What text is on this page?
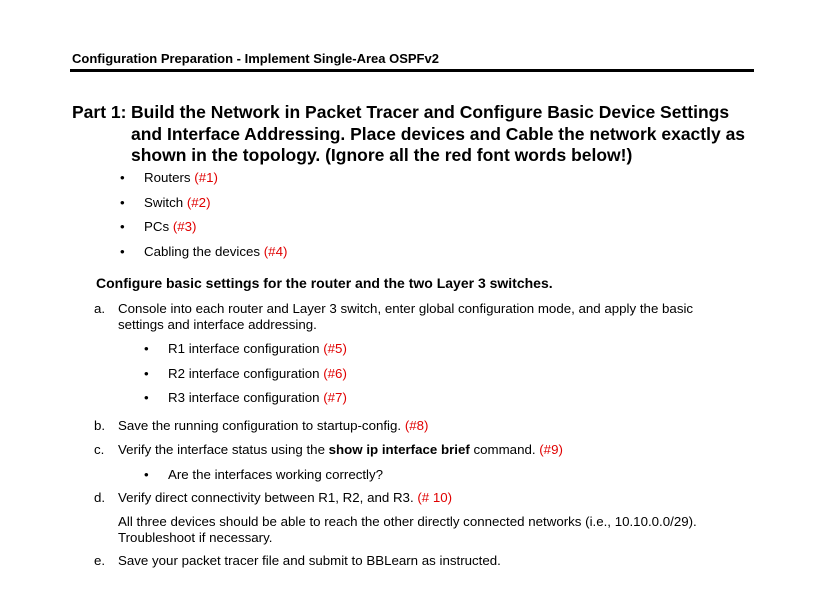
Configuration Preparation - Implement Single-Area OSPFv2
Part 1: Build the Network in Packet Tracer and Configure Basic Device Settings and Interface Addressing. Place devices and Cable the network exactly as shown in the topology. (Ignore all the red font words below!)
• Routers (#1)
• Switch (#2)
• PCs (#3)
• Cabling the devices (#4)
Configure basic settings for the router and the two Layer 3 switches.
a. Console into each router and Layer 3 switch, enter global configuration mode, and apply the basic settings and interface addressing.
• R1 interface configuration (#5)
• R2 interface configuration (#6)
• R3 interface configuration (#7)
b. Save the running configuration to startup-config. (#8)
c. Verify the interface status using the show ip interface brief command. (#9)
• Are the interfaces working correctly?
d. Verify direct connectivity between R1, R2, and R3. (# 10)
All three devices should be able to reach the other directly connected networks (i.e., 10.10.0.0/29). Troubleshoot if necessary.
e. Save your packet tracer file and submit to BBLearn as instructed.
